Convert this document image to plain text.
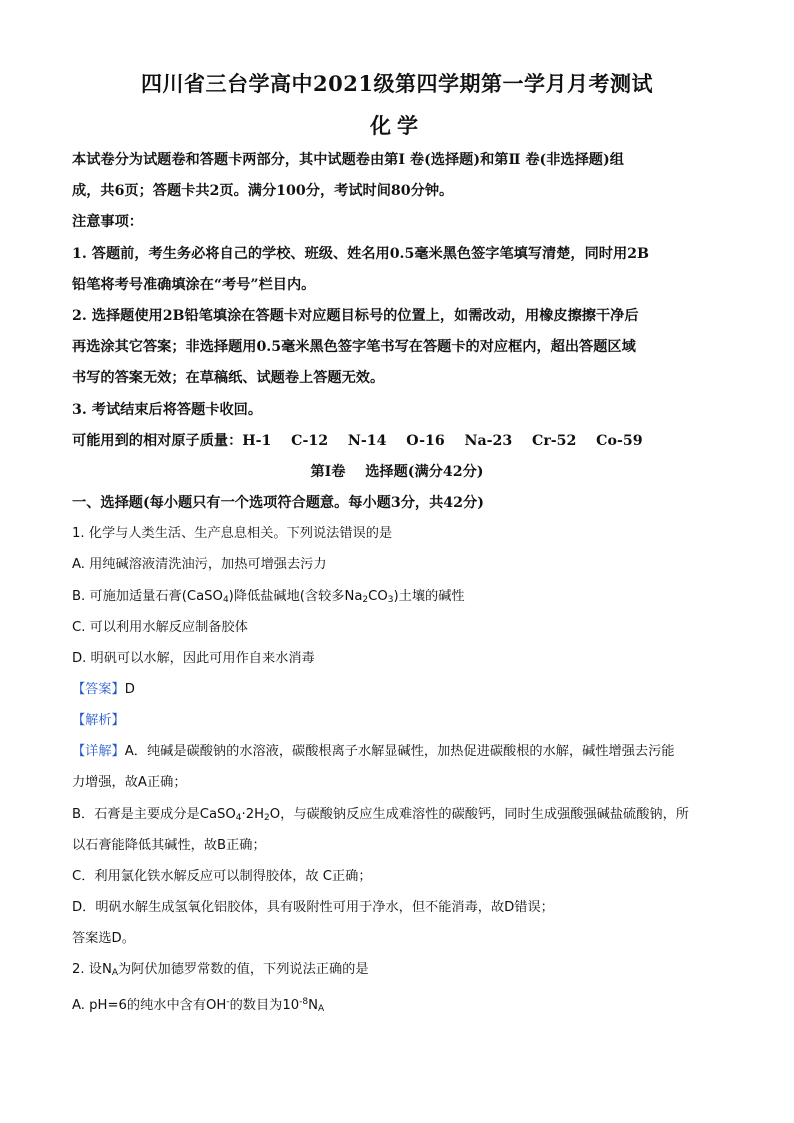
四川省三台学高中2021级第四学期第一学月月考测试
化学
本试卷分为试题卷和答题卡两部分，其中试题卷由第Ⅰ 卷(选择题)和第Ⅱ 卷(非选择题)组
成，共6页；答题卡共2页。满分100分，考试时间80分钟。
注意事项：
1. 答题前，考生务必将自己的学校、班级、姓名用0.5毫米黑色签字笔填写清楚，同时用2B
铅笔将考号准确填涂在“考号”栏目内。
2. 选择题使用2B铅笔填涂在答题卡对应题目标号的位置上，如需改动，用橡皮擦擦干净后
再选涂其它答案；非选择题用0.5毫米黑色签字笔书写在答题卡的对应框内，超出答题区域
书写的答案无效；在草稿纸、试题卷上答题无效。
3. 考试结束后将答题卡收回。
可能用到的相对原子质量：H-1    C-12    N-14    O-16    Na-23    Cr-52    Co-59
第Ⅰ卷    选择题(满分42分)
一、选择题(每小题只有一个选项符合题意。每小题3分，共42分)
1. 化学与人类生活、生产息息相关。下列说法错误的是
A. 用纯碱溶液清洗油污，加热可增强去污力
B. 可施加适量石膏(CaSO$_4$)降低盐碱地(含较多$Na_2CO_3$)土壤的碱性
C. 可以利用水解反应制备胶体
D. 明矾可以水解，因此可用作自来水消毒
【答案】D
【解析】
【详解】A．纯碱是碳酸钠的水溶液，碳酸根离子水解显碱性，加热促进碳酸根的水解，碱性增强去污能
力增强，故A正确；
B．石膏是主要成分是$CaSO_4\cdot 2H_2O$，与碳酸钠反应生成难溶性的碳酸钙，同时生成强酸强碱盐硫酸钠，所
以石膏能降低其碱性，故B正确；
C．利用氯化铁水解反应可以制得胶体，故 C正确；
D．明矾水解生成氢氧化铝胶体，具有吸附性可用于净水，但不能消毒，故D错误；
答案选D。
2. 设$N_A$为阿伏加德罗常数的值，下列说法正确的是
A. pH=6的纯水中含有OH-的数目为$10^{-8}N_A$
